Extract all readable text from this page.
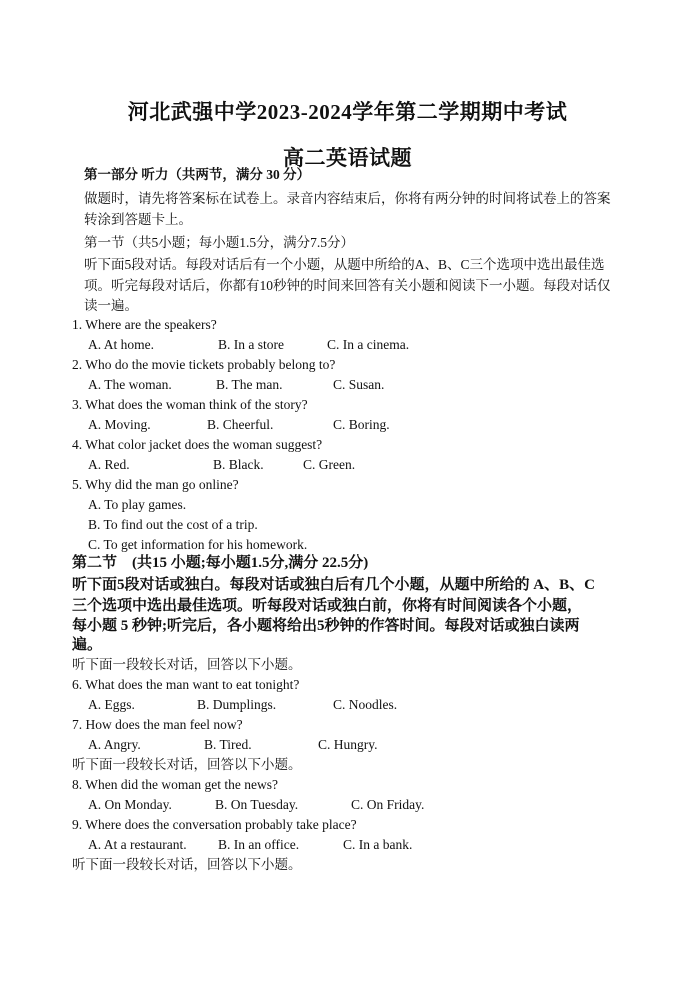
河北武强中学2023-2024学年第二学期期中考试
高二英语试题
第一部分 听力（共两节，满分 30 分）
做题时，请先将答案标在试卷上。录音内容结束后，你将有两分钟的时间将试卷上的答案
转涂到答题卡上。
第一节（共5小题；每小题1.5分，满分7.5分）
听下面5段对话。每段对话后有一个小题，从题中所给的A、B、C三个选项中选出最佳选
项。听完每段对话后，你都有10秒钟的时间来回答有关小题和阅读下一小题。每段对话仅
读一遍。
1. Where are the speakers?
A. At home.	B. In a store	C. In a cinema.
2. Who do the movie tickets probably belong to?
A. The woman.	B. The man.	C. Susan.
3. What does the woman think of the story?
A. Moving.	B. Cheerful.	C. Boring.
4. What color jacket does the woman suggest?
A. Red.	B. Black.	C. Green.
5. Why did the man go online?
A. To play games.
B. To find out the cost of a trip.
C. To get information for his homework.
第二节　(共15 小题;每小题1.5分,满分 22.5分)
听下面5段对话或独白。每段对话或独白后有几个小题，从题中所给的 A、B、C
三个选项中选出最佳选项。听每段对话或独白前，你将有时间阅读各个小题，
每小题 5 秒钟;听完后，各小题将给出5秒钟的作答时间。每段对话或独白读两
遍。
听下面一段较长对话，回答以下小题。
6. What does the man want to eat tonight?
A. Eggs.	B. Dumplings.	C. Noodles.
7. How does the man feel now?
A. Angry.	B. Tired.	C. Hungry.
听下面一段较长对话，回答以下小题。
8. When did the woman get the news?
A. On Monday.	B. On Tuesday.	C. On Friday.
9. Where does the conversation probably take place?
A. At a restaurant. B. In an office.	C. In a bank.
听下面一段较长对话，回答以下小题。
